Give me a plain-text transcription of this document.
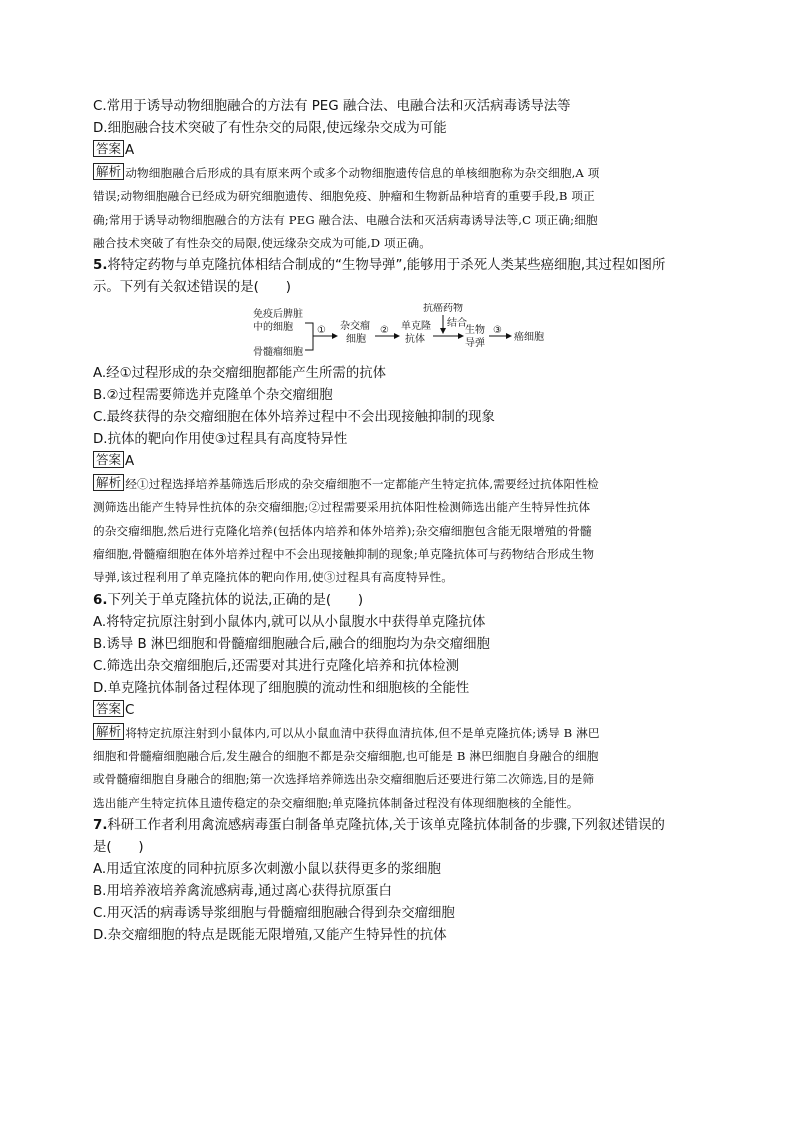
C.常用于诱导动物细胞融合的方法有 PEG 融合法、电融合法和灭活病毒诱导法等
D.细胞融合技术突破了有性杂交的局限,使远缘杂交成为可能
答案 A
解析 动物细胞融合后形成的具有原来两个或多个动物细胞遗传信息的单核细胞称为杂交细胞,A 项
错误;动物细胞融合已经成为研究细胞遗传、细胞免疫、肿瘤和生物新品种培育的重要手段,B 项正
确;常用于诱导动物细胞融合的方法有 PEG 融合法、电融合法和灭活病毒诱导法等,C 项正确;细胞
融合技术突破了有性杂交的局限,使远缘杂交成为可能,D 项正确。
5.将特定药物与单克隆抗体相结合制成的“生物导弹”,能够用于杀死人类某些癌细胞,其过程如图所
示。下列有关叙述错误的是(　　)
免疫后脾脏
中的细胞
骨髓瘤细胞
① 杂交瘤
细胞
② 单克隆
抗体
抗癌药物
结合
生物
导弹
③
癌细胞
A.经①过程形成的杂交瘤细胞都能产生所需的抗体
B.②过程需要筛选并克隆单个杂交瘤细胞
C.最终获得的杂交瘤细胞在体外培养过程中不会出现接触抑制的现象
D.抗体的靶向作用使③过程具有高度特异性
答案 A
解析 经①过程选择培养基筛选后形成的杂交瘤细胞不一定都能产生特定抗体,需要经过抗体阳性检
测筛选出能产生特异性抗体的杂交瘤细胞;②过程需要采用抗体阳性检测筛选出能产生特异性抗体
的杂交瘤细胞,然后进行克隆化培养(包括体内培养和体外培养);杂交瘤细胞包含能无限增殖的骨髓
瘤细胞,骨髓瘤细胞在体外培养过程中不会出现接触抑制的现象;单克隆抗体可与药物结合形成生物
导弹,该过程利用了单克隆抗体的靶向作用,使③过程具有高度特异性。
6.下列关于单克隆抗体的说法,正确的是(　　)
A.将特定抗原注射到小鼠体内,就可以从小鼠腹水中获得单克隆抗体
B.诱导 B 淋巴细胞和骨髓瘤细胞融合后,融合的细胞均为杂交瘤细胞
C.筛选出杂交瘤细胞后,还需要对其进行克隆化培养和抗体检测
D.单克隆抗体制备过程体现了细胞膜的流动性和细胞核的全能性
答案 C
解析 将特定抗原注射到小鼠体内,可以从小鼠血清中获得血清抗体,但不是单克隆抗体;诱导 B 淋巴
细胞和骨髓瘤细胞融合后,发生融合的细胞不都是杂交瘤细胞,也可能是 B 淋巴细胞自身融合的细胞
或骨髓瘤细胞自身融合的细胞;第一次选择培养筛选出杂交瘤细胞后还要进行第二次筛选,目的是筛
选出能产生特定抗体且遗传稳定的杂交瘤细胞;单克隆抗体制备过程没有体现细胞核的全能性。
7.科研工作者利用禽流感病毒蛋白制备单克隆抗体,关于该单克隆抗体制备的步骤,下列叙述错误的
是(　　)
A.用适宜浓度的同种抗原多次刺激小鼠以获得更多的浆细胞
B.用培养液培养禽流感病毒,通过离心获得抗原蛋白
C.用灭活的病毒诱导浆细胞与骨髓瘤细胞融合得到杂交瘤细胞
D.杂交瘤细胞的特点是既能无限增殖,又能产生特异性的抗体
